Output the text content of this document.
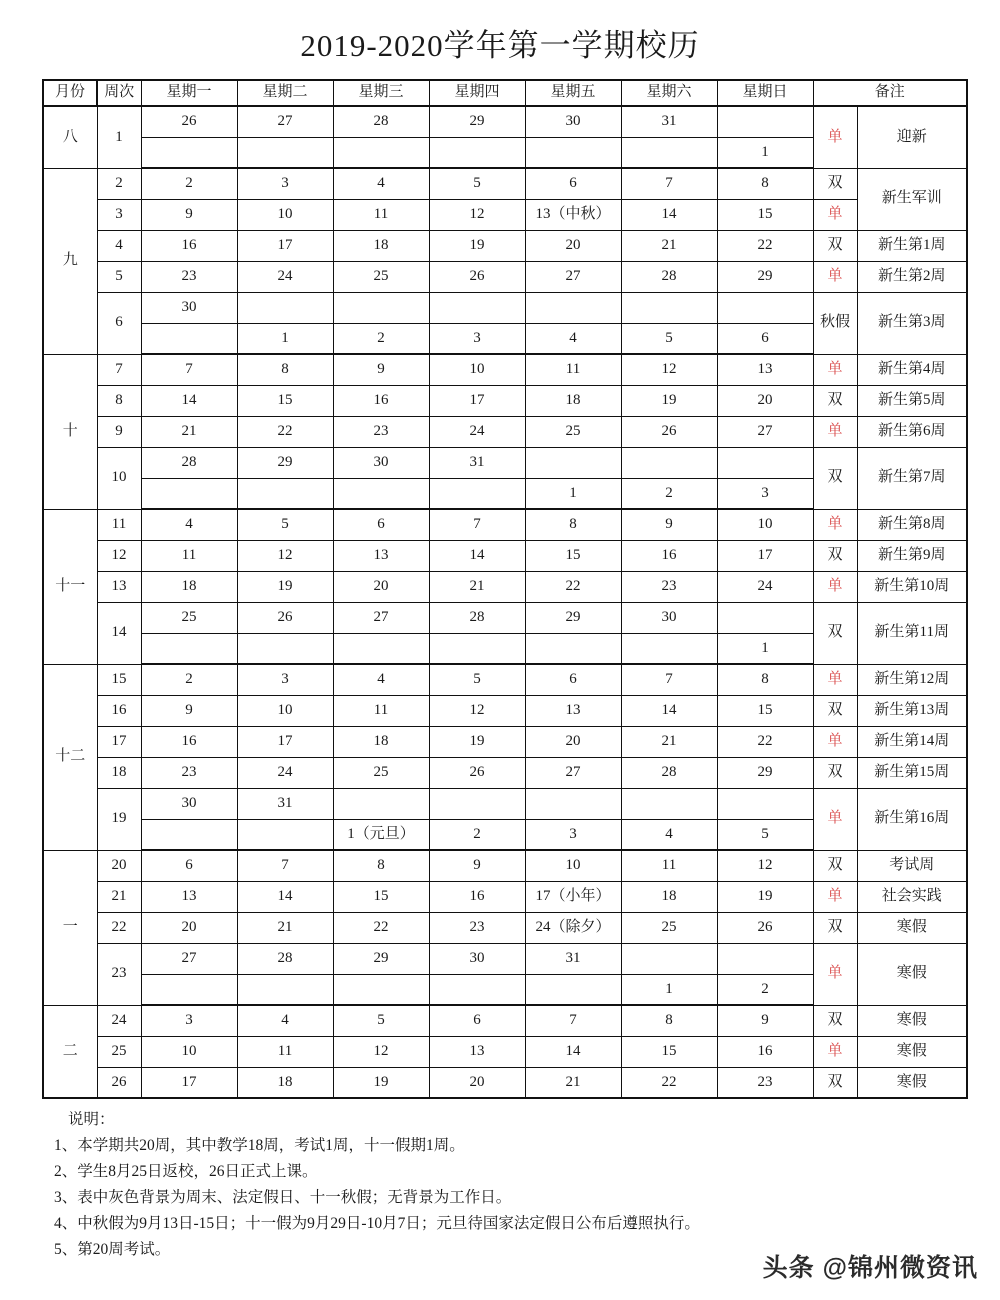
2019-2020学年第一学期校历
月份	周次	星期一	星期二	星期三	星期四	星期五	星期六	星期日	备注	
八	1	26	27	28	29	30	31		单	迎新
								1		
九	2	2	3	4	5	6	7	8	双	新生军训
	3	9	10	11	12	13（中秋）	14	15	单	
	4	16	17	18	19	20	21	22	双	新生第1周
	5	23	24	25	26	27	28	29	单	新生第2周
	6	30							秋假	新生第3周
			1	2	3	4	5	6		
十	7	7	8	9	10	11	12	13	单	新生第4周
	8	14	15	16	17	18	19	20	双	新生第5周
	9	21	22	23	24	25	26	27	单	新生第6周
	10	28	29	30	31				双	新生第7周
						1	2	3		
十一	11	4	5	6	7	8	9	10	单	新生第8周
	12	11	12	13	14	15	16	17	双	新生第9周
	13	18	19	20	21	22	23	24	单	新生第10周
	14	25	26	27	28	29	30		双	新生第11周
								1		
十二	15	2	3	4	5	6	7	8	单	新生第12周
	16	9	10	11	12	13	14	15	双	新生第13周
	17	16	17	18	19	20	21	22	单	新生第14周
	18	23	24	25	26	27	28	29	双	新生第15周
	19	30	31						单	新生第16周
				1（元旦）	2	3	4	5		
一	20	6	7	8	9	10	11	12	双	考试周
	21	13	14	15	16	17（小年）	18	19	单	社会实践
	22	20	21	22	23	24（除夕）	25	26	双	寒假
	23	27	28	29	30	31			单	寒假
							1	2		
二	24	3	4	5	6	7	8	9	双	寒假
	25	10	11	12	13	14	15	16	单	寒假
	26	17	18	19	20	21	22	23	双	寒假
说明：
1、本学期共20周，其中教学18周，考试1周，十一假期1周。
2、学生8月25日返校，26日正式上课。
3、表中灰色背景为周末、法定假日、十一秋假；无背景为工作日。
4、中秋假为9月13日-15日；十一假为9月29日-10月7日；元旦待国家法定假日公布后遵照执行。
5、第20周考试。
头条 @锦州微资讯
